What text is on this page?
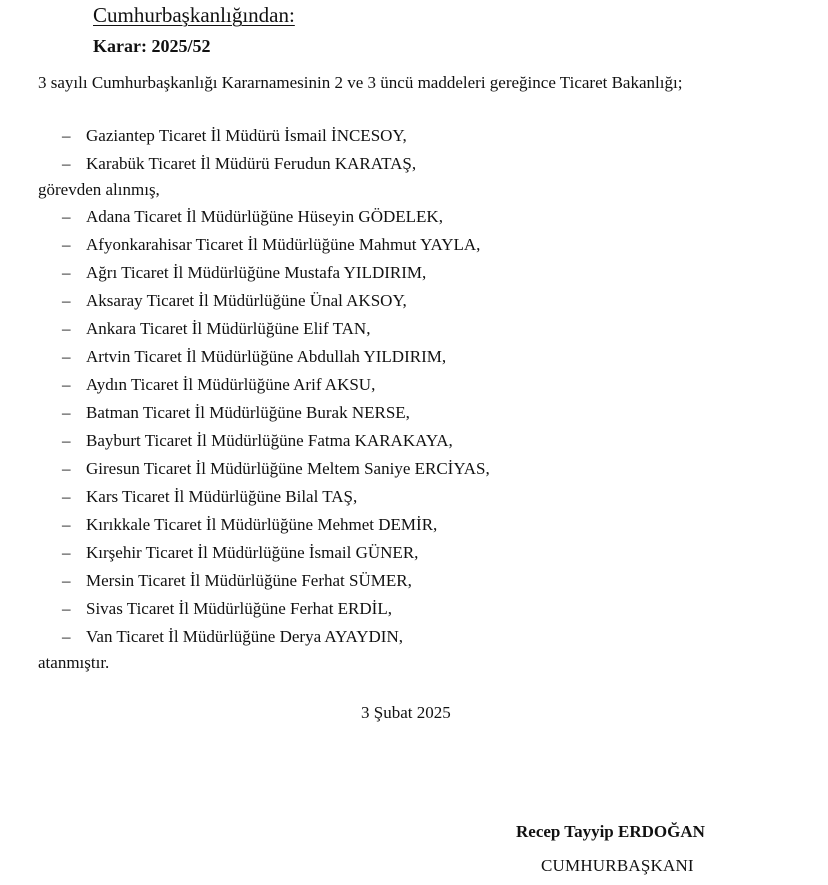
Cumhurbaşkanlığından:
Karar: 2025/52
3 sayılı Cumhurbaşkanlığı Kararnamesinin 2 ve 3 üncü maddeleri gereğince Ticaret Bakanlığı;
– Gaziantep Ticaret İl Müdürü İsmail İNCESOY,
– Karabük Ticaret İl Müdürü Ferudun KARATAŞ,
görevden alınmış,
– Adana Ticaret İl Müdürlüğüne Hüseyin GÖDELEK,
– Afyonkarahisar Ticaret İl Müdürlüğüne Mahmut YAYLA,
– Ağrı Ticaret İl Müdürlüğüne Mustafa YILDIRIM,
– Aksaray Ticaret İl Müdürlüğüne Ünal AKSOY,
– Ankara Ticaret İl Müdürlüğüne Elif TAN,
– Artvin Ticaret İl Müdürlüğüne Abdullah YILDIRIM,
– Aydın Ticaret İl Müdürlüğüne Arif AKSU,
– Batman Ticaret İl Müdürlüğüne Burak NERSE,
– Bayburt Ticaret İl Müdürlüğüne Fatma KARAKAYA,
– Giresun Ticaret İl Müdürlüğüne Meltem Saniye ERCİYAS,
– Kars Ticaret İl Müdürlüğüne Bilal TAŞ,
– Kırıkkale Ticaret İl Müdürlüğüne Mehmet DEMİR,
– Kırşehir Ticaret İl Müdürlüğüne İsmail GÜNER,
– Mersin Ticaret İl Müdürlüğüne Ferhat SÜMER,
– Sivas Ticaret İl Müdürlüğüne Ferhat ERDİL,
– Van Ticaret İl Müdürlüğüne Derya AYAYDIN,
atanmıştır.
3 Şubat 2025
Recep Tayyip ERDOĞAN
CUMHURBAŞKANI
